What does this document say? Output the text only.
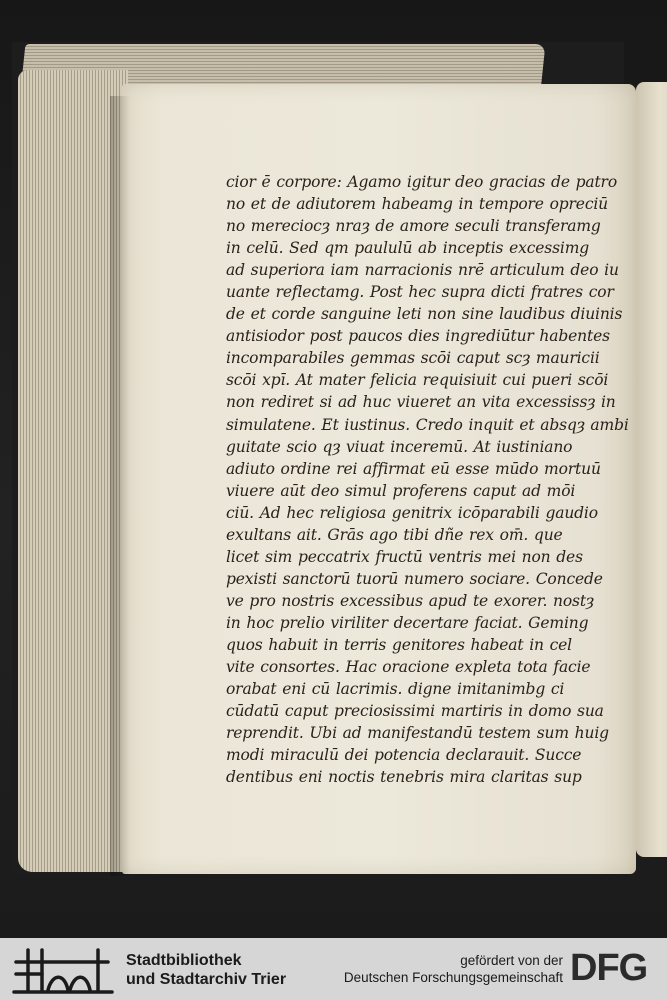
cior ē corpore: Agamo igitur deo gracias de patro
no et de adiutorem habeamg in tempore opreciū
no mereciocȝ nraȝ de amore seculi transferamg
in celū. Sed qm paululū ab inceptis excessimg
ad superiora iam narracionis nrē articulum deo iu
uante reflectamg. Post hec supra dicti fratres cor
de et corde sanguine leti non sine laudibus diuinis
antisiodor post paucos dies ingrediūtur habentes
incomparabiles gemmas scōi caput scȝ mauricii
scōi xpī. At mater felicia requisiuit cui pueri scōi
non rediret si ad huc viueret an vita excessissȝ in
simulatene. Et iustinus. Credo inquit et absqȝ ambi
guitate scio qȝ viuat inceremū. At iustiniano
adiuto ordine rei affirmat eū esse mūdo mortuū
viuere aūt deo simul proferens caput ad mōi
ciū. Ad hec religiosa genitrix icōparabili gaudio
exultans ait. Grās ago tibi dñe rex om̄. que
licet sim peccatrix fructū ventris mei non des
pexisti sanctorū tuorū numero sociare. Concede
ve pro nostris excessibus apud te exorer. nostȝ
in hoc prelio viriliter decertare faciat. Geming
quos habuit in terris genitores habeat in cel
vite consortes. Hac oracione expleta tota facie
orabat eni cū lacrimis. digne imitanimbg ci
cūdatū caput preciosissimi martiris in domo sua
reprendit. Ubi ad manifestandū testem sum huig
modi miraculū dei potencia declarauit. Succe
dentibus eni noctis tenebris mira claritas sup
Stadtbibliothek
und Stadtarchiv Trier
gefördert von der
Deutschen Forschungsgemeinschaft DFG
